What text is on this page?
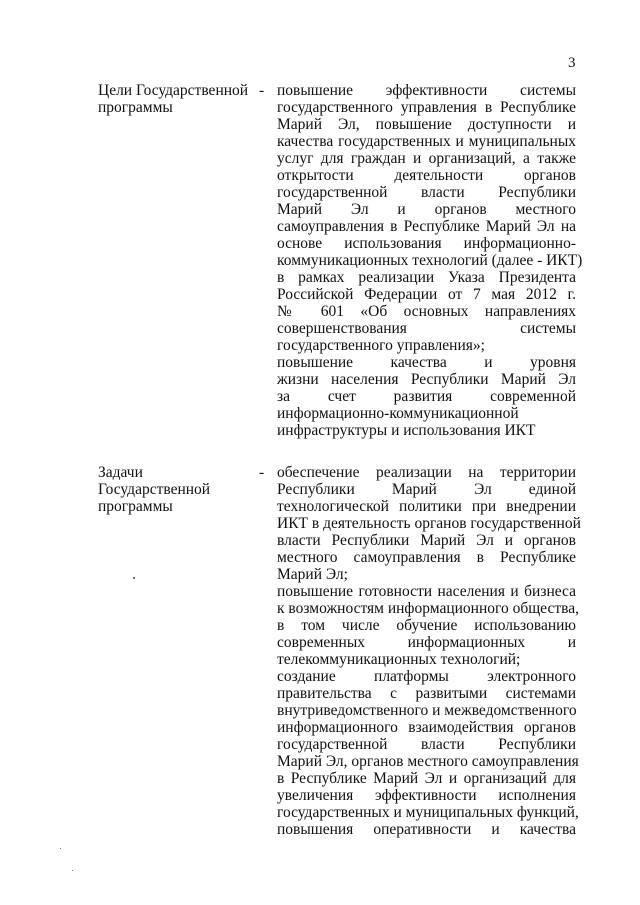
3
Цели Государственной
программы
- повышение эффективности системы
государственного управления в Республике
Марий Эл, повышение доступности и
качества государственных и муниципальных
услуг для граждан и организаций, а также
открытости деятельности органов
государственной власти Республики
Марий Эл и органов местного
самоуправления в Республике Марий Эл на
основе использования информационно-
коммуникационных технологий (далее - ИКТ)
в рамках реализации Указа Президента
Российской Федерации от 7 мая 2012 г.
№ 601 «Об основных направлениях
совершенствования системы
государственного управления»;
повышение качества и уровня
жизни населения Республики Марий Эл
за счет развития современной
информационно-коммуникационной
инфраструктуры и использования ИКТ
Задачи
Государственной
программы
- обеспечение реализации на территории
Республики Марий Эл единой
технологической политики при внедрении
ИКТ в деятельность органов государственной
власти Республики Марий Эл и органов
местного самоуправления в Республике
Марий Эл;
повышение готовности населения и бизнеса
к возможностям информационного общества,
в том числе обучение использованию
современных информационных и
телекоммуникационных технологий;
создание платформы электронного
правительства с развитыми системами
внутриведомственного и межведомственного
информационного взаимодействия органов
государственной власти Республики
Марий Эл, органов местного самоуправления
в Республике Марий Эл и организаций для
увеличения эффективности исполнения
государственных и муниципальных функций,
повышения оперативности и качества
